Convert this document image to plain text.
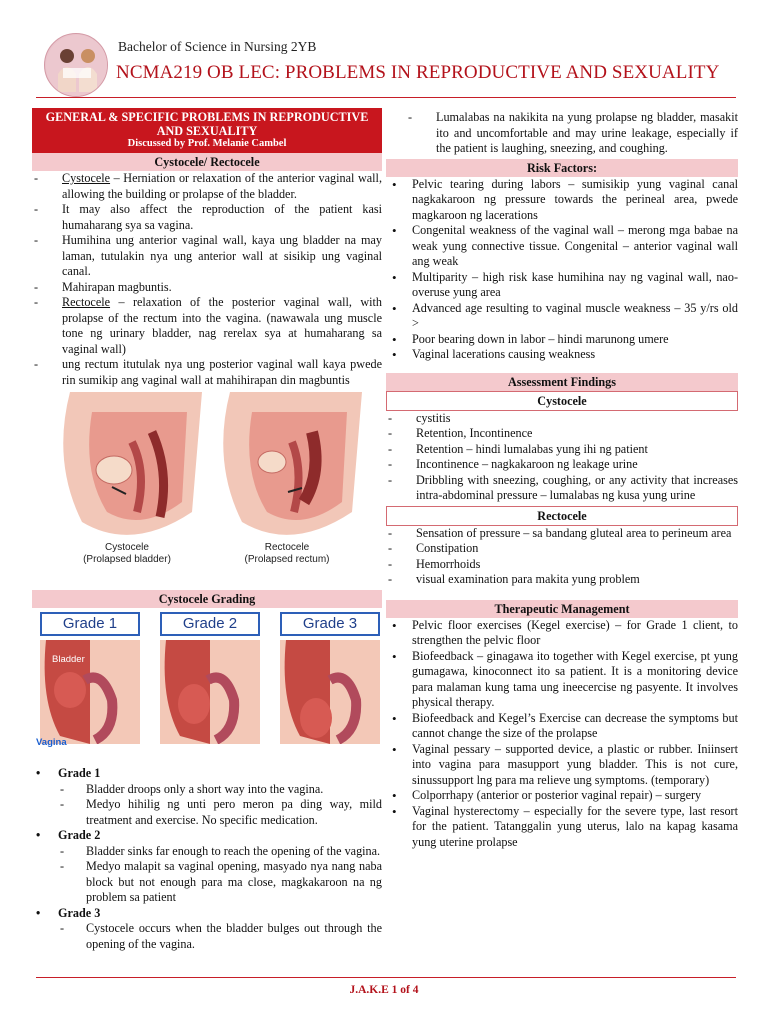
Bachelor of Science in Nursing 2YB
NCMA219 OB LEC: PROBLEMS IN REPRODUCTIVE AND SEXUALITY
GENERAL & SPECIFIC PROBLEMS IN REPRODUCTIVE AND SEXUALITY
Discussed by Prof. Melanie Cambel
Cystocele/ Rectocele
- Cystocele – Herniation or relaxation of the anterior vaginal wall, allowing the building or prolapse of the bladder.
- It may also affect the reproduction of the patient kasi humaharang sya sa vagina.
- Humihina ung anterior vaginal wall, kaya ung bladder na may laman, tutulakin nya ung anterior wall at sisikip ung vaginal canal.
- Mahirapan magbuntis.
- Rectocele – relaxation of the posterior vaginal wall, with prolapse of the rectum into the vagina. (nawawala ung muscle tone ng urinary bladder, nag rerelax sya at humaharang sa vaginal wall)
- ung rectum itutulak nya ung posterior vaginal wall kaya pwede rin sumikip ang vaginal wall at mahihirapan din magbuntis
Cystocele
(Prolapsed bladder)
Rectocele
(Prolapsed rectum)
Cystocele Grading
Grade 1	Grade 2	Grade 3
Bladder
Vagina
• Grade 1
- Bladder droops only a short way into the vagina.
- Medyo hihilig ng unti pero meron pa ding way, mild treatment and exercise. No specific medication.
• Grade 2
- Bladder sinks far enough to reach the opening of the vagina.
- Medyo malapit sa vaginal opening, masyado nya nang naba block but not enough para ma close, magkakaroon na ng problem sa patient
• Grade 3
- Cystocele occurs when the bladder bulges out through the opening of the vagina.
- Lumalabas na nakikita na yung prolapse ng bladder, masakit ito and uncomfortable and may urine leakage, especially if the patient is laughing, sneezing, and coughing.
Risk Factors:
• Pelvic tearing during labors – sumisikip yung vaginal canal nagkakaroon ng pressure towards the perineal area, pwede magkaroon ng lacerations
• Congenital weakness of the vaginal wall – merong mga babae na weak yung connective tissue. Congenital – anterior vaginal wall ang weak
• Multiparity – high risk kase humihina nay ng vaginal wall, nao-overuse yung area
• Advanced age resulting to vaginal muscle weakness – 35 y/rs old >
• Poor bearing down in labor – hindi marunong umere
• Vaginal lacerations causing weakness
Assessment Findings
Cystocele
- cystitis
- Retention, Incontinence
- Retention – hindi lumalabas yung ihi ng patient
- Incontinence – nagkakaroon ng leakage urine
- Dribbling with sneezing, coughing, or any activity that increases intra-abdominal pressure – lumalabas ng kusa yung urine
Rectocele
- Sensation of pressure – sa bandang gluteal area to perineum area
- Constipation
- Hemorrhoids
- visual examination para makita yung problem
Therapeutic Management
• Pelvic floor exercises (Kegel exercise) – for Grade 1 client, to strengthen the pelvic floor
• Biofeedback – ginagawa ito together with Kegel exercise, pt yung gumagawa, kinoconnect ito sa patient. It is a monitoring device para malaman kung tama ung ineecercise ng pasyente. It involves physical therapy.
• Biofeedback and Kegel’s Exercise can decrease the symptoms but cannot change the size of the prolapse
• Vaginal pessary – supported device, a plastic or rubber. Iniinsert into vagina para masupport yung bladder. This is not cure, sinussupport lng para ma relieve ung symptoms. (temporary)
• Colporrhapy (anterior or posterior vaginal repair) – surgery
• Vaginal hysterectomy – especially for the severe type, last resort for the patient. Tatanggalin yung uterus, lalo na kapag kasama yung uterine prolapse
J.A.K.E 1 of 4
